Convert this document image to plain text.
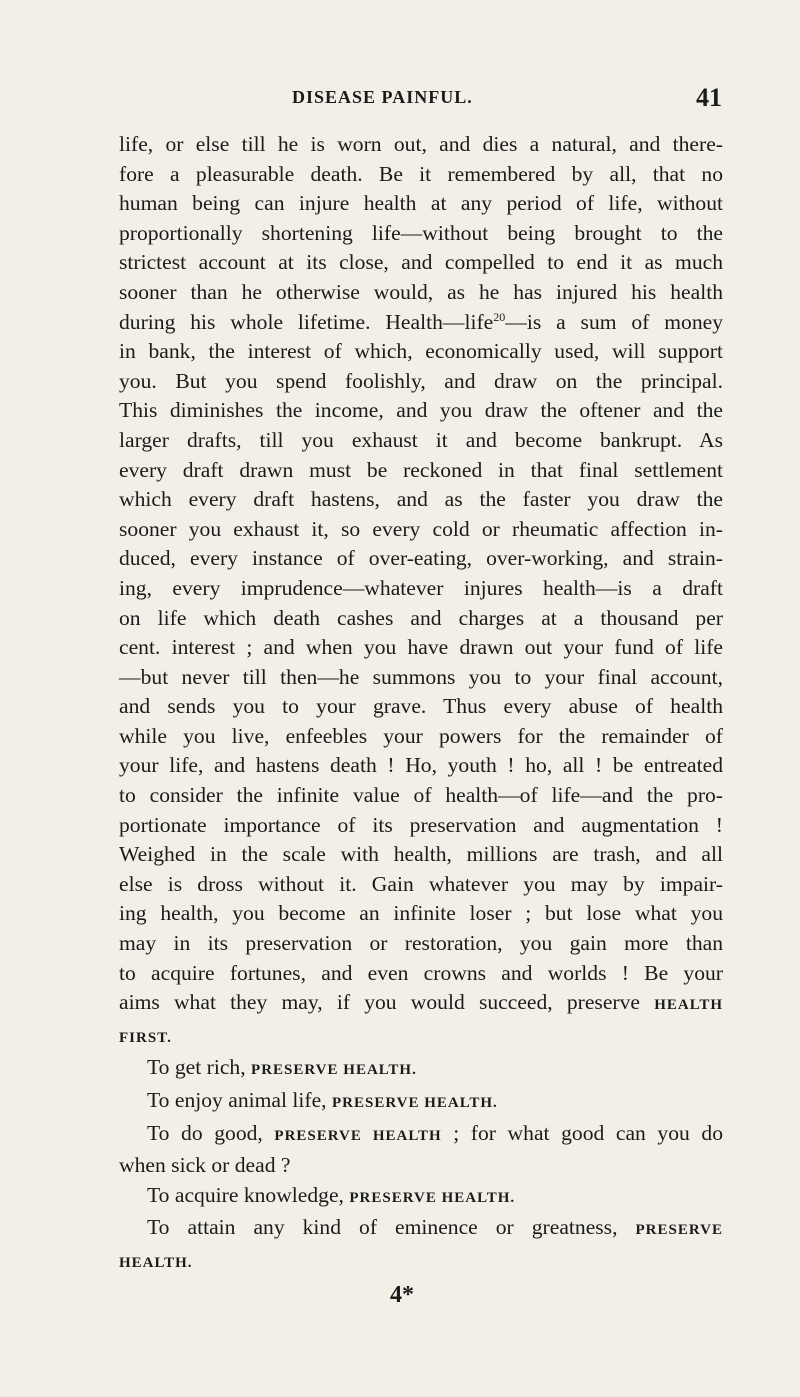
DISEASE PAINFUL.	41
life, or else till he is worn out, and dies a natural, and there-
fore a pleasurable death. Be it remembered by all, that no
human being can injure health at any period of life, without
proportionally shortening life—without being brought to the
strictest account at its close, and compelled to end it as much
sooner than he otherwise would, as he has injured his health
during his whole lifetime. Health—life$^{20}$—is a sum of money
in bank, the interest of which, economically used, will support
you. But you spend foolishly, and draw on the principal.
This diminishes the income, and you draw the oftener and the
larger drafts, till you exhaust it and become bankrupt. As
every draft drawn must be reckoned in that final settlement
which every draft hastens, and as the faster you draw the
sooner you exhaust it, so every cold or rheumatic affection in-
duced, every instance of over-eating, over-working, and strain-
ing, every imprudence—whatever injures health—is a draft
on life which death cashes and charges at a thousand per
cent. interest ; and when you have drawn out your fund of life
—but never till then—he summons you to your final account,
and sends you to your grave. Thus every abuse of health
while you live, enfeebles your powers for the remainder of
your life, and hastens death ! Ho, youth ! ho, all ! be entreated
to consider the infinite value of health—of life—and the pro-
portionate importance of its preservation and augmentation !
Weighed in the scale with health, millions are trash, and all
else is dross without it. Gain whatever you may by impair-
ing health, you become an infinite loser ; but lose what you
may in its preservation or restoration, you gain more than
to acquire fortunes, and even crowns and worlds ! Be your
aims what they may, if you would succeed, preserve HEALTH
FIRST.
To get rich, PRESERVE HEALTH.
To enjoy animal life, PRESERVE HEALTH.
To do good, PRESERVE HEALTH ; for what good can you do
when sick or dead ?
To acquire knowledge, PRESERVE HEALTH.
To attain any kind of eminence or greatness, PRESERVE
HEALTH.
4*
